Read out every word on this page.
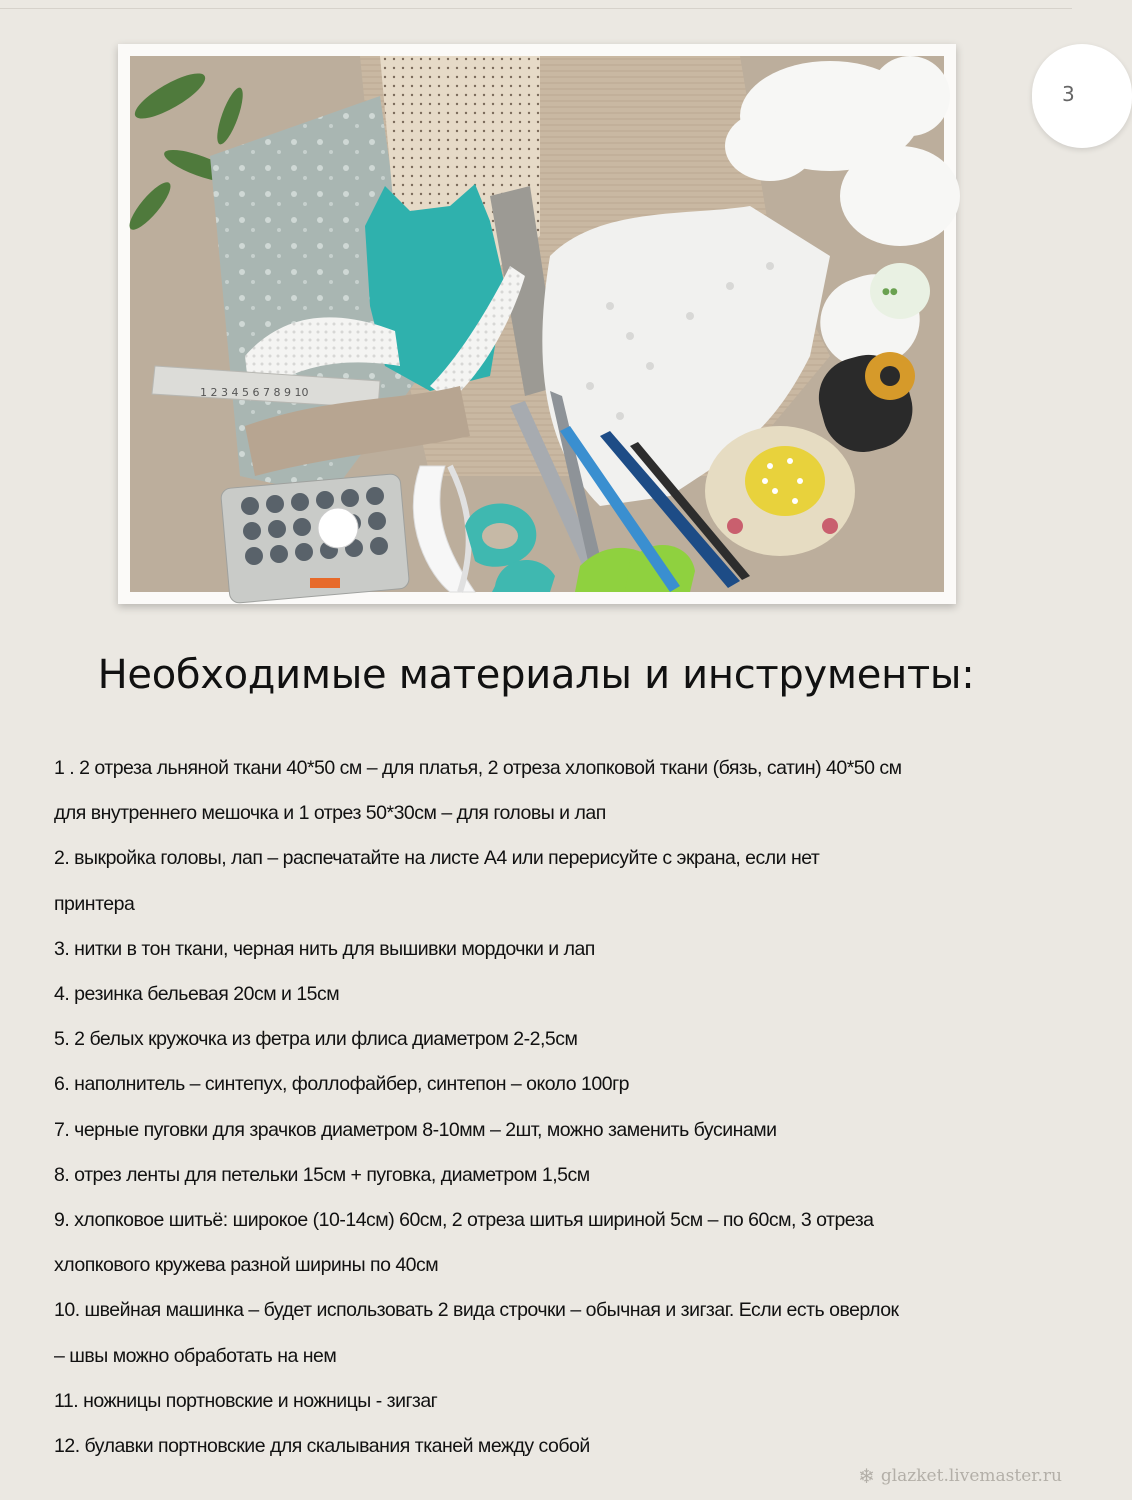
1 2 3 4 5 6 7 8 9 10
●●
3
Необходимые материалы и инструменты:
1 . 2 отреза льняной ткани 40*50 см – для платья, 2 отреза хлопковой ткани (бязь, сатин) 40*50 см
для внутреннего мешочка и 1 отрез 50*30см – для головы и лап
2. выкройка головы, лап – распечатайте на листе А4 или перерисуйте с экрана, если нет
принтера
3. нитки в тон ткани, черная нить для вышивки мордочки и лап
4. резинка бельевая 20см и 15см
5. 2 белых кружочка из фетра или флиса диаметром 2-2,5см
6. наполнитель – синтепух, фоллофайбер, синтепон – около 100гр
7. черные пуговки для зрачков диаметром 8-10мм – 2шт, можно заменить бусинами
8. отрез ленты для петельки 15см + пуговка, диаметром 1,5см
9. хлопковое шитьё: широкое (10-14см) 60см, 2 отреза шитья шириной 5см – по 60см, 3 отреза
хлопкового кружева разной ширины по 40см
10. швейная машинка – будет использовать 2 вида строчки – обычная и зигзаг. Если есть оверлок
– швы можно обработать на нем
11. ножницы портновские и ножницы - зигзаг
12. булавки портновские для скалывания тканей между собой
❄ glazket.livemaster.ru
